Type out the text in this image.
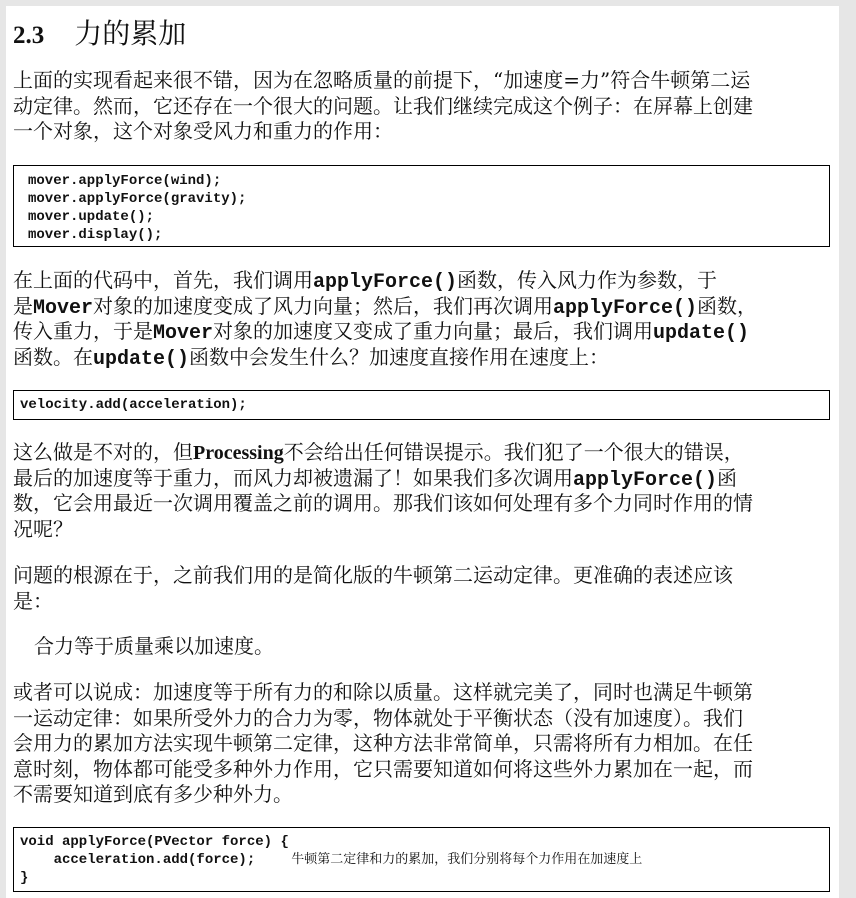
2.3 力的累加
上面的实现看起来很不错，因为在忽略质量的前提下，“加速度=力”符合牛顿第二运
动定律。然而，它还存在一个很大的问题。让我们继续完成这个例子：在屏幕上创建
一个对象，这个对象受风力和重力的作用：
mover.applyForce(wind);
mover.applyForce(gravity);
mover.update();
mover.display();
在上面的代码中，首先，我们调用applyForce()函数，传入风力作为参数，于
是Mover对象的加速度变成了风力向量；然后，我们再次调用applyForce()函数，
传入重力，于是Mover对象的加速度又变成了重力向量；最后，我们调用update()
函数。在update()函数中会发生什么？加速度直接作用在速度上：
velocity.add(acceleration);
这么做是不对的，但Processing不会给出任何错误提示。我们犯了一个很大的错误，
最后的加速度等于重力，而风力却被遗漏了！如果我们多次调用applyForce()函
数，它会用最近一次调用覆盖之前的调用。那我们该如何处理有多个力同时作用的情
况呢？
问题的根源在于，之前我们用的是简化版的牛顿第二运动定律。更准确的表述应该
是：
合力等于质量乘以加速度。
或者可以说成：加速度等于所有力的和除以质量。这样就完美了，同时也满足牛顿第
一运动定律：如果所受外力的合力为零，物体就处于平衡状态（没有加速度）。我们
会用力的累加方法实现牛顿第二定律，这种方法非常简单，只需将所有力相加。在任
意时刻，物体都可能受多种外力作用，它只需要知道如何将这些外力累加在一起，而
不需要知道到底有多少种外力。
void applyForce(PVector force) {
acceleration.add(force);	牛顿第二定律和力的累加，我们分别将每个力作用在加速度上
}
